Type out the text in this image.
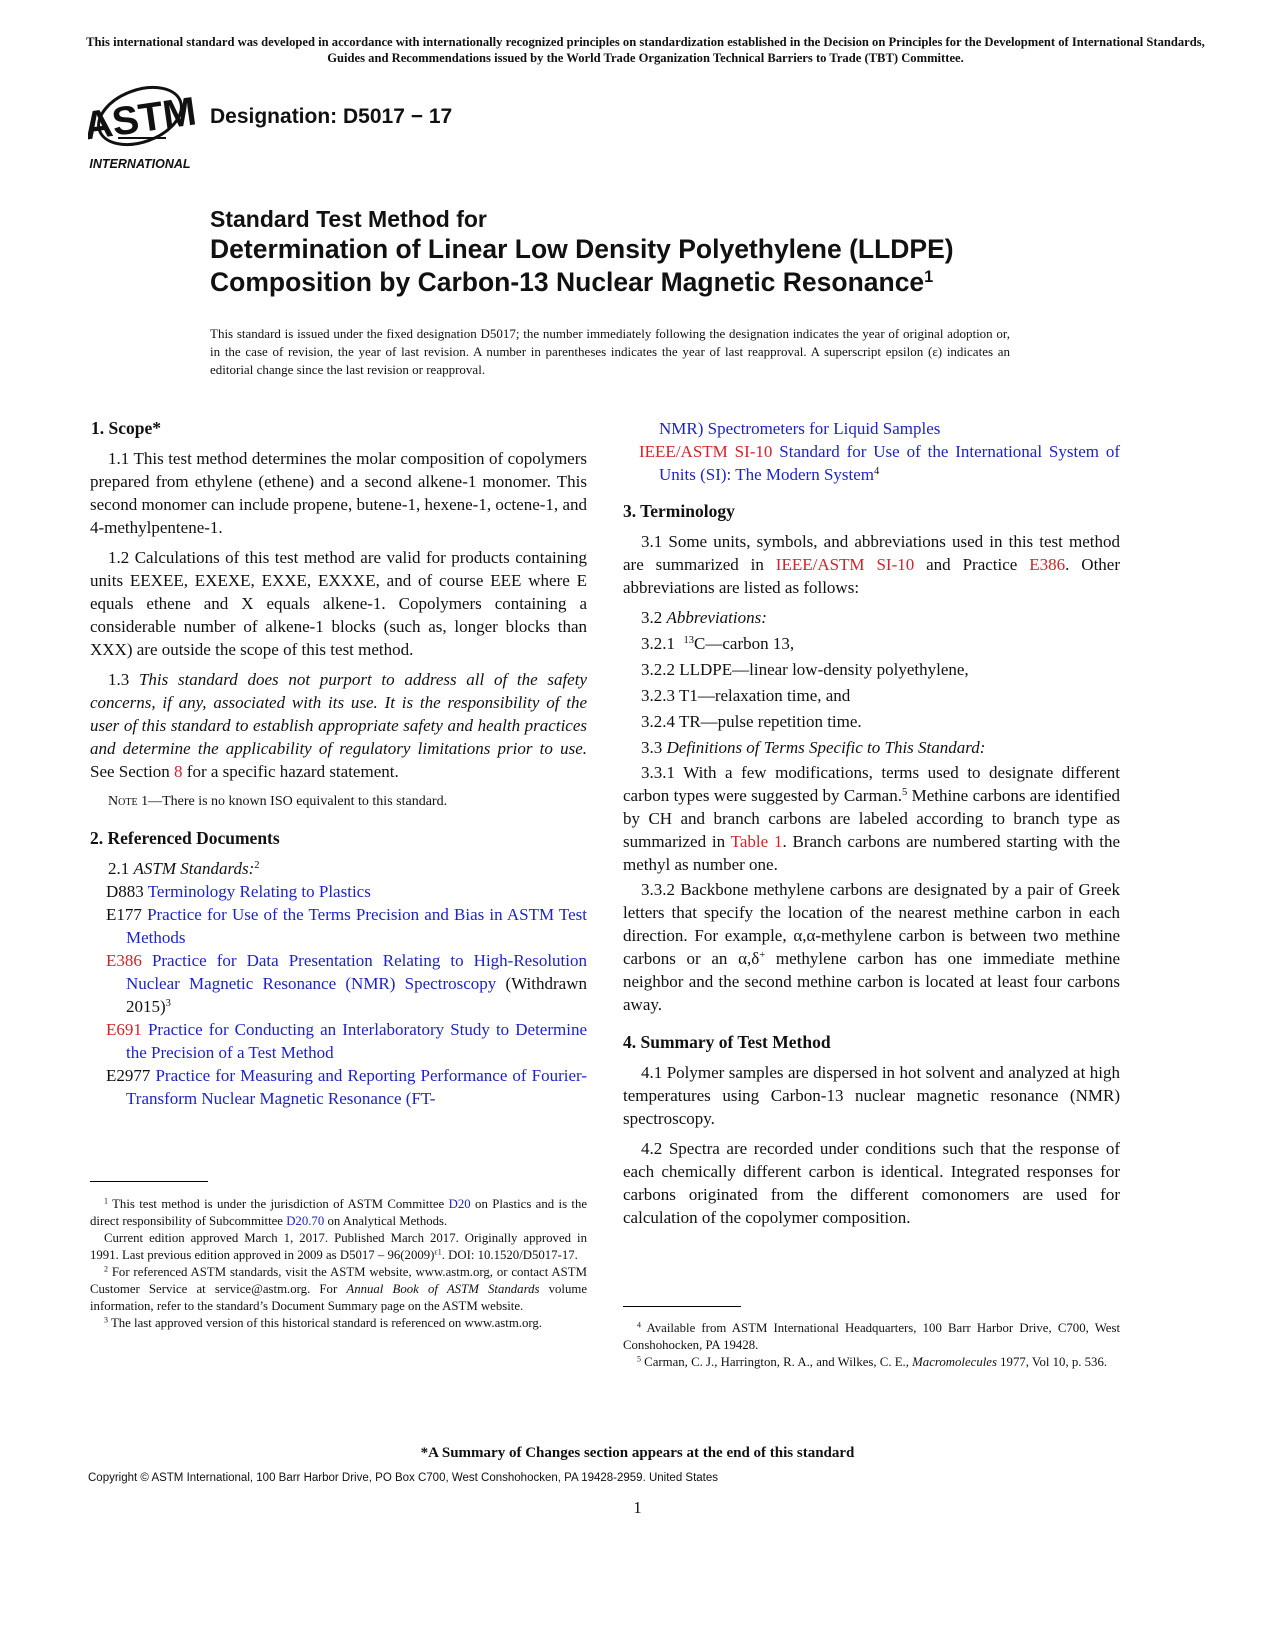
This international standard was developed in accordance with internationally recognized principles on standardization established in the Decision on Principles for the Development of International Standards, Guides and Recommendations issued by the World Trade Organization Technical Barriers to Trade (TBT) Committee.
ASTM
INTERNATIONAL
Designation: D5017 − 17
Standard Test Method for
Determination of Linear Low Density Polyethylene (LLDPE)
Composition by Carbon-13 Nuclear Magnetic Resonance$^1$
This standard is issued under the fixed designation D5017; the number immediately following the designation indicates the year of original adoption or, in the case of revision, the year of last revision. A number in parentheses indicates the year of last reapproval. A superscript epsilon (ε) indicates an editorial change since the last revision or reapproval.
1. Scope*

1.1 This test method determines the molar composition of copolymers prepared from ethylene (ethene) and a second alkene-1 monomer. This second monomer can include propene, butene-1, hexene-1, octene-1, and 4-methylpentene-1.

1.2 Calculations of this test method are valid for products containing units EEXEE, EXEXE, EXXE, EXXXE, and of course EEE where E equals ethene and X equals alkene-1. Copolymers containing a considerable number of alkene-1 blocks (such as, longer blocks than XXX) are outside the scope of this test method.

1.3 This standard does not purport to address all of the safety concerns, if any, associated with its use. It is the responsibility of the user of this standard to establish appropriate safety and health practices and determine the applicability of regulatory limitations prior to use. See Section 8 for a specific hazard statement.

Note 1—There is no known ISO equivalent to this standard.

2. Referenced Documents

2.1 ASTM Standards:$^2$

D883 Terminology Relating to Plastics

E177 Practice for Use of the Terms Precision and Bias in ASTM Test Methods

E386 Practice for Data Presentation Relating to High-Resolution Nuclear Magnetic Resonance (NMR) Spectroscopy (Withdrawn 2015)$^3$

E691 Practice for Conducting an Interlaboratory Study to Determine the Precision of a Test Method

E2977 Practice for Measuring and Reporting Performance of Fourier-Transform Nuclear Magnetic Resonance (FT-

$^1$ This test method is under the jurisdiction of ASTM Committee D20 on Plastics and is the direct responsibility of Subcommittee D20.70 on Analytical Methods.

Current edition approved March 1, 2017. Published March 2017. Originally approved in 1991. Last previous edition approved in 2009 as $D5017 - 96(2009)^{\varepsilon 1}$. DOI: 10.1520/D5017-17.

$^2$ For referenced ASTM standards, visit the ASTM website, www.astm.org, or contact ASTM Customer Service at service@astm.org. For Annual Book of ASTM Standards volume information, refer to the standard’s Document Summary page on the ASTM website.

$^3$ The last approved version of this historical standard is referenced on www.astm.org.

NMR) Spectrometers for Liquid Samples

IEEE/ASTM SI-10 Standard for Use of the International System of Units (SI): The Modern System$^4$

3. Terminology

3.1 Some units, symbols, and abbreviations used in this test method are summarized in IEEE/ASTM SI-10 and Practice E386. Other abbreviations are listed as follows:

3.2 Abbreviations:

3.2.1 $^{13}$C—carbon 13,

3.2.2 LLDPE—linear low-density polyethylene,

3.2.3 T1—relaxation time, and

3.2.4 TR—pulse repetition time.

3.3 Definitions of Terms Specific to This Standard:

3.3.1 With a few modifications, terms used to designate different carbon types were suggested by Carman.$^5$ Methine carbons are identified by CH and branch carbons are labeled according to branch type as summarized in Table 1. Branch carbons are numbered starting with the methyl as number one.

3.3.2 Backbone methylene carbons are designated by a pair of Greek letters that specify the location of the nearest methine carbon in each direction. For example, α,α-methylene carbon is between two methine carbons or an α,δ+ methylene carbon has one immediate methine neighbor and the second methine carbon is located at least four carbons away.

4. Summary of Test Method

4.1 Polymer samples are dispersed in hot solvent and analyzed at high temperatures using Carbon-13 nuclear magnetic resonance (NMR) spectroscopy.

4.2 Spectra are recorded under conditions such that the response of each chemically different carbon is identical. Integrated responses for carbons originated from the different comonomers are used for calculation of the copolymer composition.

$^4$ Available from ASTM International Headquarters, 100 Barr Harbor Drive, C700, West Conshohocken, PA 19428.

$^5$ Carman, C. J., Harrington, R. A., and Wilkes, C. E., Macromolecules 1977, Vol 10, p. 536.

*A Summary of Changes section appears at the end of this standard
Copyright © ASTM International, 100 Barr Harbor Drive, PO Box C700, West Conshohocken, PA 19428-2959. United States
1
